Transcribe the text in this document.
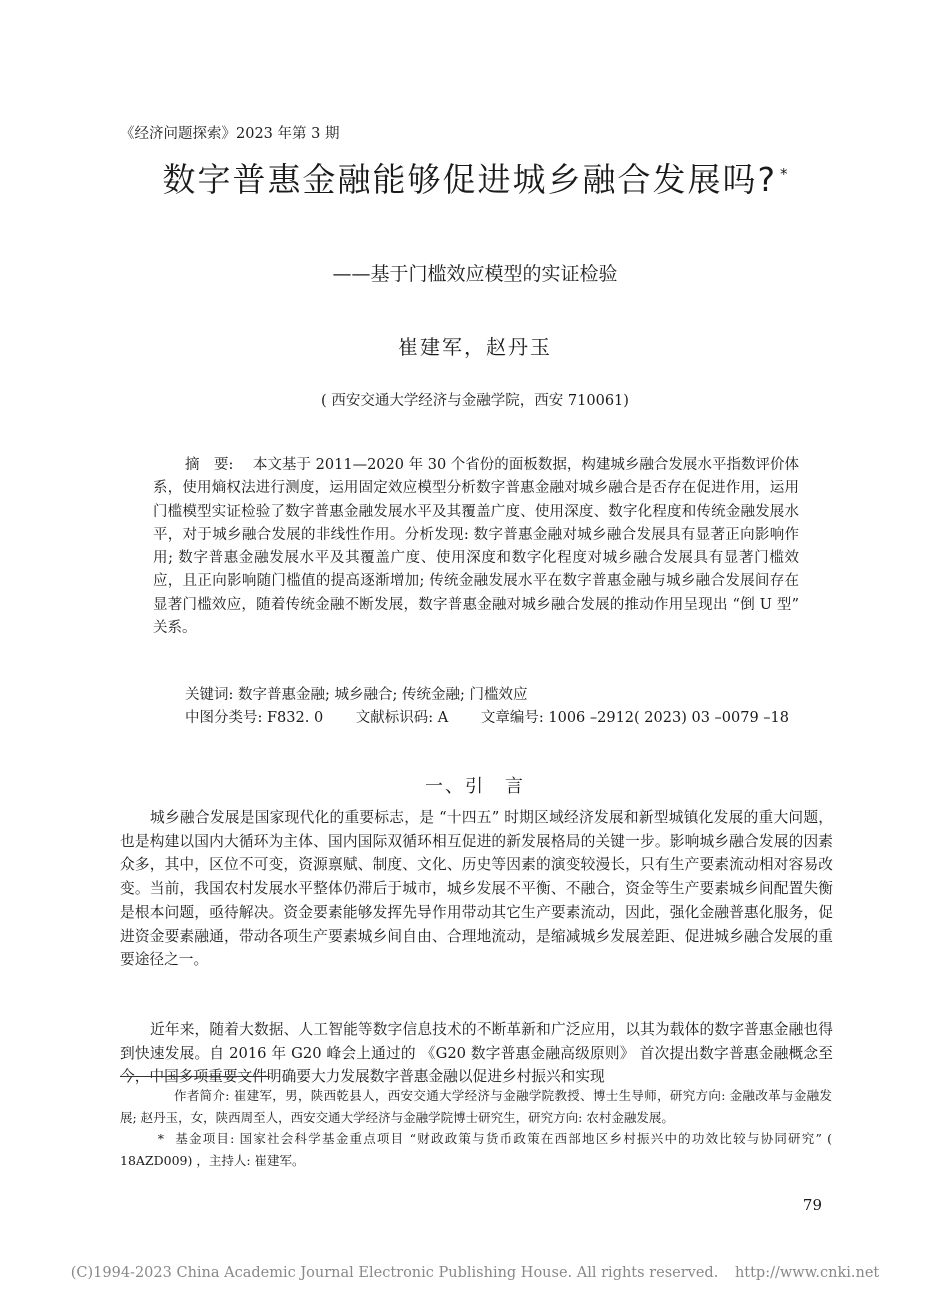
《经济问题探索》2023 年第 3 期
数字普惠金融能够促进城乡融合发展吗? *
——基于门槛效应模型的实证检验
崔建军，赵丹玉
( 西安交通大学经济与金融学院，西安 710061)
摘　要: 本文基于 2011—2020 年 30 个省份的面板数据，构建城乡融合发展水平指数评价体系，使用熵权法进行测度，运用固定效应模型分析数字普惠金融对城乡融合是否存在促进作用，运用门槛模型实证检验了数字普惠金融发展水平及其覆盖广度、使用深度、数字化程度和传统金融发展水平，对于城乡融合发展的非线性作用。分析发现: 数字普惠金融对城乡融合发展具有显著正向影响作用; 数字普惠金融发展水平及其覆盖广度、使用深度和数字化程度对城乡融合发展具有显著门槛效应，且正向影响随门槛值的提高逐渐增加; 传统金融发展水平在数字普惠金融与城乡融合发展间存在显著门槛效应，随着传统金融不断发展，数字普惠金融对城乡融合发展的推动作用呈现出 “倒 U 型” 关系。
关键词: 数字普惠金融; 城乡融合; 传统金融; 门槛效应
中图分类号: F832. 0 文献标识码: A 文章编号: 1006 –2912( 2023) 03 –0079 –18
一、引　言

城乡融合发展是国家现代化的重要标志，是 “十四五” 时期区域经济发展和新型城镇化发展的重大问题，也是构建以国内大循环为主体、国内国际双循环相互促进的新发展格局的关键一步。影响城乡融合发展的因素众多，其中，区位不可变，资源禀赋、制度、文化、历史等因素的演变较漫长，只有生产要素流动相对容易改变。当前，我国农村发展水平整体仍滞后于城市，城乡发展不平衡、不融合，资金等生产要素城乡间配置失衡是根本问题，亟待解决。资金要素能够发挥先导作用带动其它生产要素流动，因此，强化金融普惠化服务，促进资金要素融通，带动各项生产要素城乡间自由、合理地流动，是缩减城乡发展差距、促进城乡融合发展的重要途径之一。

近年来，随着大数据、人工智能等数字信息技术的不断革新和广泛应用，以其为载体的数字普惠金融也得到快速发展。自 2016 年 G20 峰会上通过的 《G20 数字普惠金融高级原则》 首次提出数字普惠金融概念至今，中国多项重要文件明确要大力发展数字普惠金融以促进乡村振兴和实现

作者简介: 崔建军，男，陕西乾县人，西安交通大学经济与金融学院教授、博士生导师，研究方向: 金融改革与金融发展; 赵丹玉，女，陕西周至人，西安交通大学经济与金融学院博士研究生，研究方向: 农村金融发展。

* 基金项目: 国家社会科学基金重点项目 “财政政策与货币政策在西部地区乡村振兴中的功效比较与协同研究” ( 18AZD009) ，主持人: 崔建军。

79
(C)1994-2023 China Academic Journal Electronic Publishing House. All rights reserved. http://www.cnki.net
